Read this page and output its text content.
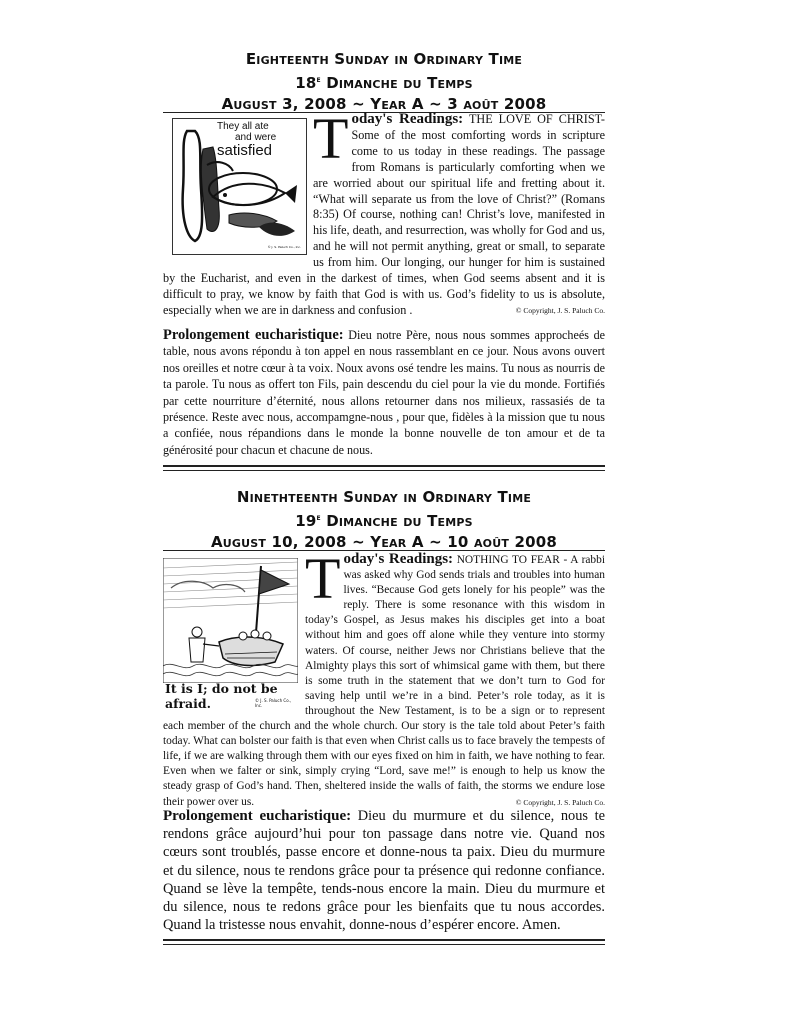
Eighteenth Sunday in Ordinary Time
18e Dimanche du Temps
August 3, 2008 ~ Year A ~ 3 août 2008
© J. S. Paluch Co., Inc.
They all ate
and were
satisfied Today's Readings: THE LOVE OF CHRIST- Some of the most comforting words in scripture come to us today in these readings. The passage from Romans is particularly comforting when we are worried about our spiritual life and fretting about it. “What will separate us from the love of Christ?” (Romans 8:35) Of course, nothing can! Christ’s love, manifested in his life, death, and resurrection, was wholly for God and us, and he will not permit anything, great or small, to separate us from him. Our longing, our hunger for him is sustained by the Eucharist, and even in the darkest of times, when God seems absent and it is difficult to pray, we know by faith that God is with us. God’s fidelity to us is absolute, especially when we are in darkness and confusion .	© Copyright, J. S. Paluch Co.
Prolongement eucharistique: Dieu notre Père, nous nous sommes approcheés de table, nous avons répondu à ton appel en nous rassemblant en ce jour. Nous avons ouvert nos oreilles et notre cœur à ta voix. Noux avons osé tendre les mains. Tu nous as nourris de ta parole. Tu nous as offert ton Fils, pain descendu du ciel pour la vie du monde. Fortifiés par cette nourriture d’éternité, nous allons retourner dans nos milieux, rassasiés de ta présence. Reste avec nous, accompamgne-nous , pour que, fidèles à la mission que tu nous a confiée, nous répandions dans le monde la bonne nouvelle de ton amour et de ta générosité pour chacun et chacune de nous.
Ninethteenth Sunday in Ordinary Time
19e Dimanche du Temps
August 10, 2008 ~ Year A ~ 10 août 2008
It is I; do not be afraid.	© J. S. Paluch Co., Inc.
Today's Readings: NOTHING TO FEAR - A rabbi was asked why God sends trials and troubles into human lives. “Because God gets lonely for his people” was the reply. There is some resonance with this wisdom in today’s Gospel, as Jesus makes his disciples get into a boat without him and goes off alone while they venture into stormy waters. Of course, neither Jews nor Christians believe that the Almighty plays this sort of whimsical game with them, but there is some truth in the statement that we don’t turn to God for saving help until we’re in a bind. Peter’s role today, as it is throughout the New Testament, is to be a sign or to represent each member of the church and the whole church. Our story is the tale told about Peter’s faith today. What can bolster our faith is that even when Christ calls us to face bravely the tempests of life, if we are walking through them with our eyes fixed on him in faith, we have nothing to fear. Even when we falter or sink, simply crying “Lord, save me!” is enough to help us know the steady grasp of God’s hand. Then, sheltered inside the walls of faith, the storms we endure lose their power over us.	© Copyright, J. S. Paluch Co.
Prolongement eucharistique: Dieu du murmure et du silence, nous te rendons grâce aujourd’hui pour ton passage dans notre vie. Quand nos cœurs sont troublés, passe encore et donne-nous ta paix. Dieu du murmure et du silence, nous te rendons grâce pour ta présence qui redonne confiance. Quand se lève la tempête, tends-nous encore la main. Dieu du murmure et du silence, nous te redons grâce pour les bienfaits que tu nous accordes. Quand la tristesse nous envahit, donne-nous d’espérer encore. Amen.
